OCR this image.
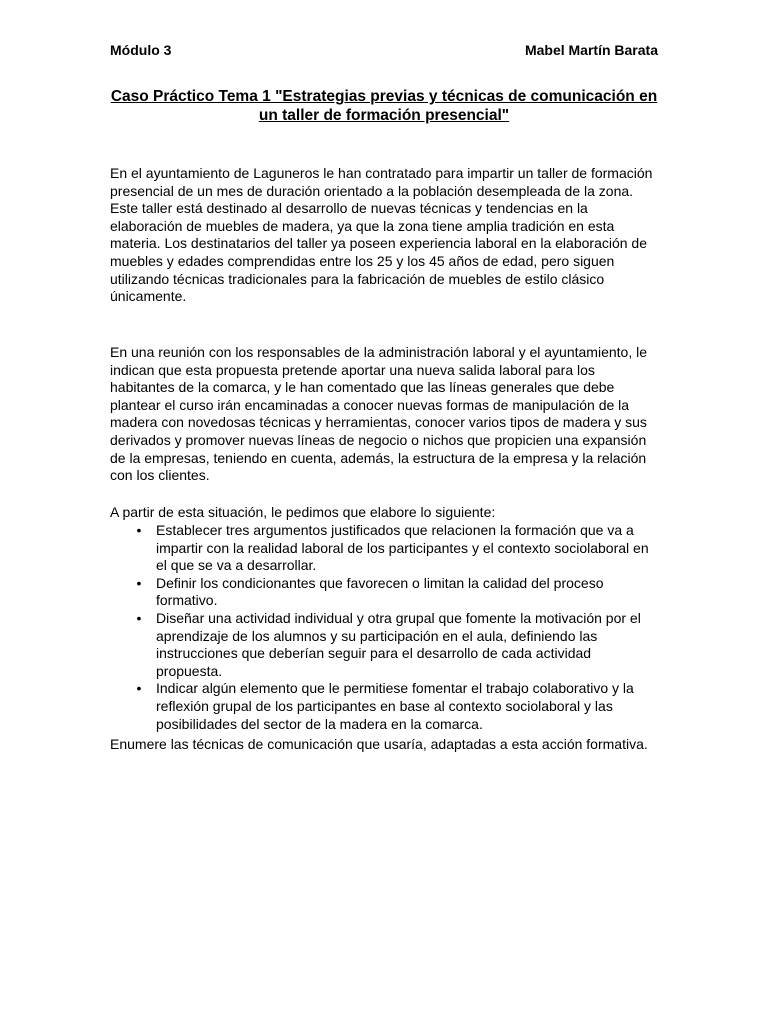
Módulo 3	Mabel Martín Barata
Caso Práctico Tema 1 "Estrategias previas y técnicas de comunicación en un taller de formación presencial"

En el ayuntamiento de Laguneros le han contratado para impartir un taller de formación presencial de un mes de duración orientado a la población desempleada de la zona. Este taller está destinado al desarrollo de nuevas técnicas y tendencias en la elaboración de muebles de madera, ya que la zona tiene amplia tradición en esta materia. Los destinatarios del taller ya poseen experiencia laboral en la elaboración de muebles y edades comprendidas entre los 25 y los 45 años de edad, pero siguen utilizando técnicas tradicionales para la fabricación de muebles de estilo clásico únicamente.

En una reunión con los responsables de la administración laboral y el ayuntamiento, le indican que esta propuesta pretende aportar una nueva salida laboral para los habitantes de la comarca, y le han comentado que las líneas generales que debe plantear el curso irán encaminadas a conocer nuevas formas de manipulación de la madera con novedosas técnicas y herramientas, conocer varios tipos de madera y sus derivados y promover nuevas líneas de negocio o nichos que propicien una expansión de la empresas, teniendo en cuenta, además, la estructura de la empresa y la relación con los clientes.

A partir de esta situación, le pedimos que elabore lo siguiente:

•	Establecer tres argumentos justificados que relacionen la formación que va a impartir con la realidad laboral de los participantes y el contexto sociolaboral en el que se va a desarrollar.
•	Definir los condicionantes que favorecen o limitan la calidad del proceso formativo.
•	Diseñar una actividad individual y otra grupal que fomente la motivación por el aprendizaje de los alumnos y su participación en el aula, definiendo las instrucciones que deberían seguir para el desarrollo de cada actividad propuesta.
•	Indicar algún elemento que le permitiese fomentar el trabajo colaborativo y la reflexión grupal de los participantes en base al contexto sociolaboral y las posibilidades del sector de la madera en la comarca.

Enumere las técnicas de comunicación que usaría, adaptadas a esta acción formativa.
